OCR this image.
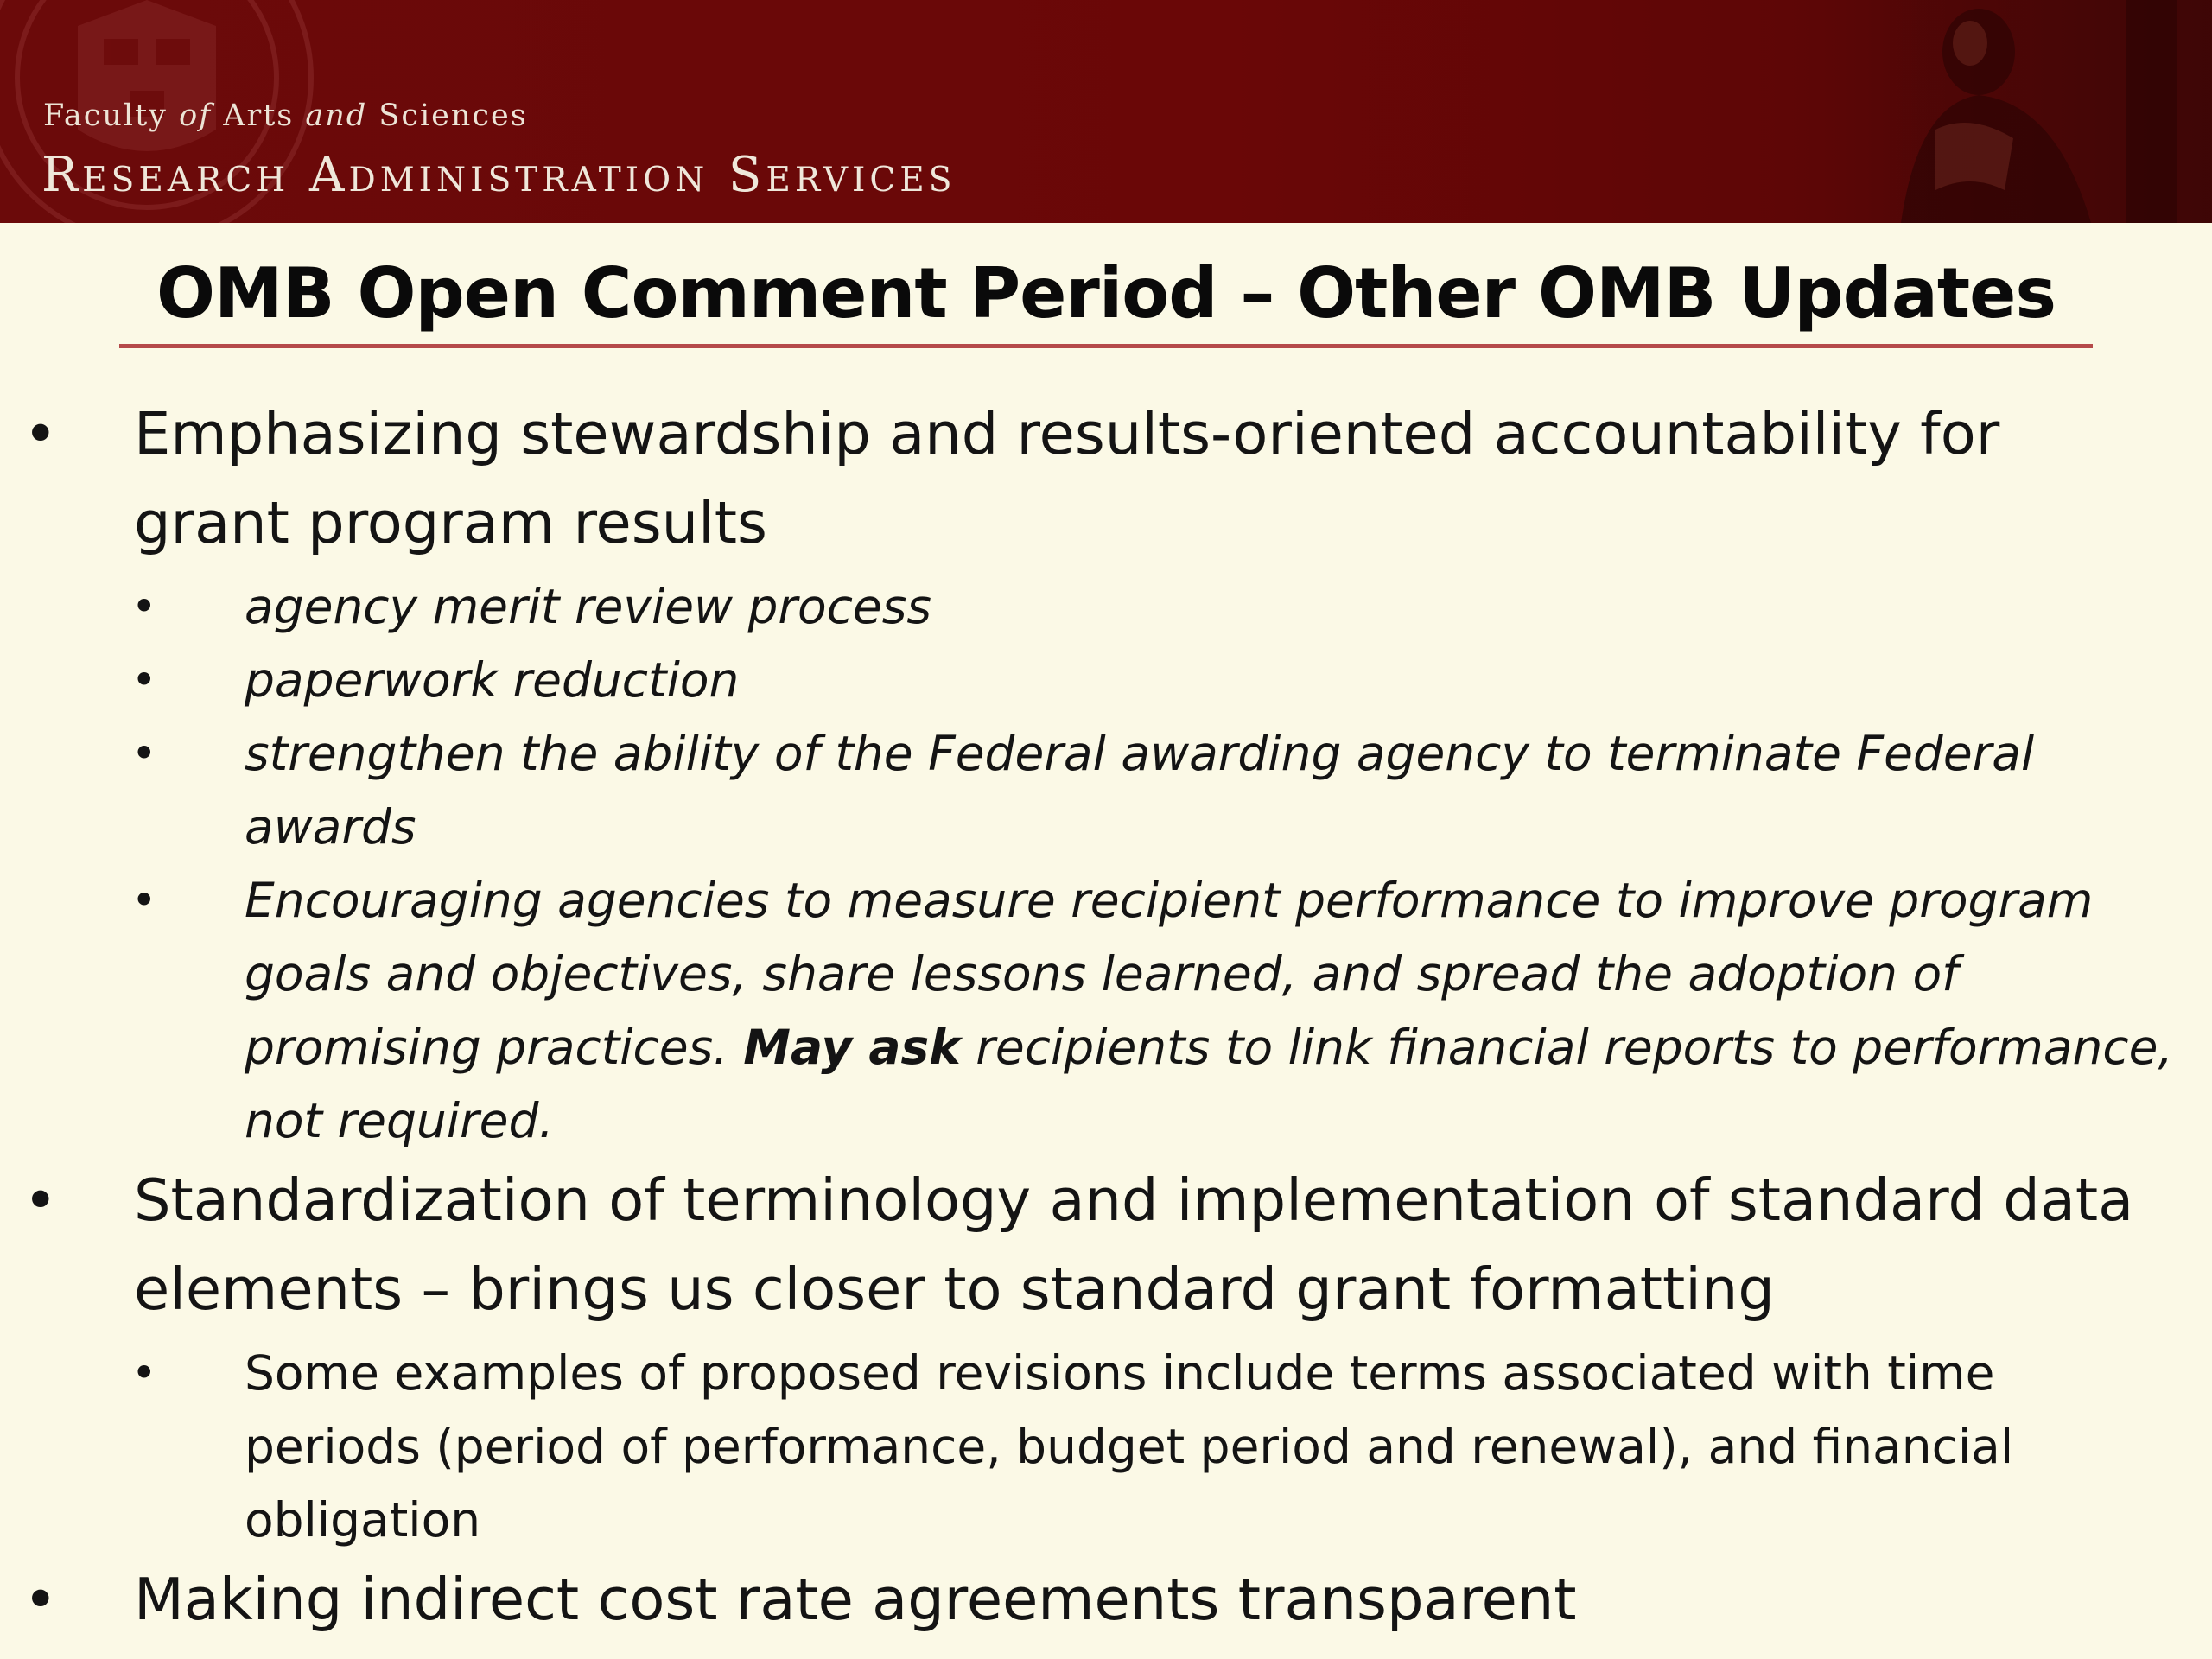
Faculty of Arts and Sciences
Research Administration Services
OMB Open Comment Period – Other OMB Updates
• Emphasizing stewardship and results-oriented accountability for grant program results
• agency merit review process
• paperwork reduction
• strengthen the ability of the Federal awarding agency to terminate Federal awards
• Encouraging agencies to measure recipient performance to improve program goals and objectives, share lessons learned, and spread the adoption of promising practices. May ask recipients to link financial reports to performance, not required.
• Standardization of terminology and implementation of standard data elements – brings us closer to standard grant formatting
• Some examples of proposed revisions include terms associated with time periods (period of performance, budget period and renewal), and financial obligation
• Making indirect cost rate agreements transparent
